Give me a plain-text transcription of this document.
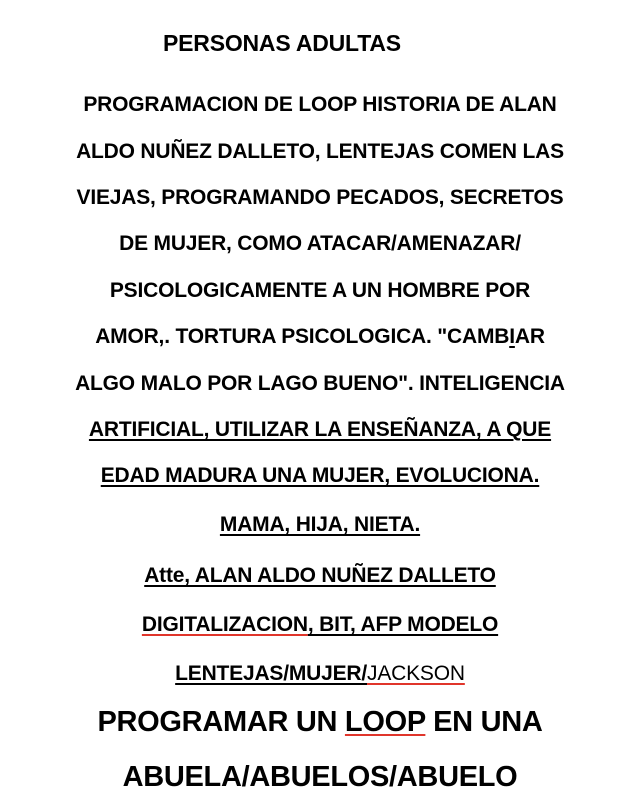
PERSONAS ADULTAS
PROGRAMACION DE LOOP HISTORIA DE ALAN
ALDO NUÑEZ DALLETO, LENTEJAS COMEN LAS
VIEJAS, PROGRAMANDO PECADOS, SECRETOS
DE MUJER, COMO ATACAR/AMENAZAR/
PSICOLOGICAMENTE A UN HOMBRE POR
AMOR,. TORTURA PSICOLOGICA. "CAMBIAR
ALGO MALO POR LAGO BUENO". INTELIGENCIA
ARTIFICIAL, UTILIZAR LA ENSEÑANZA, A QUE
EDAD MADURA UNA MUJER, EVOLUCIONA.
MAMA, HIJA, NIETA.
Atte, ALAN ALDO NUÑEZ DALLETO
DIGITALIZACION, BIT, AFP MODELO
LENTEJAS/MUJER/JACKSON
PROGRAMAR UN LOOP EN UNA
ABUELA/ABUELOS/ABUELO
